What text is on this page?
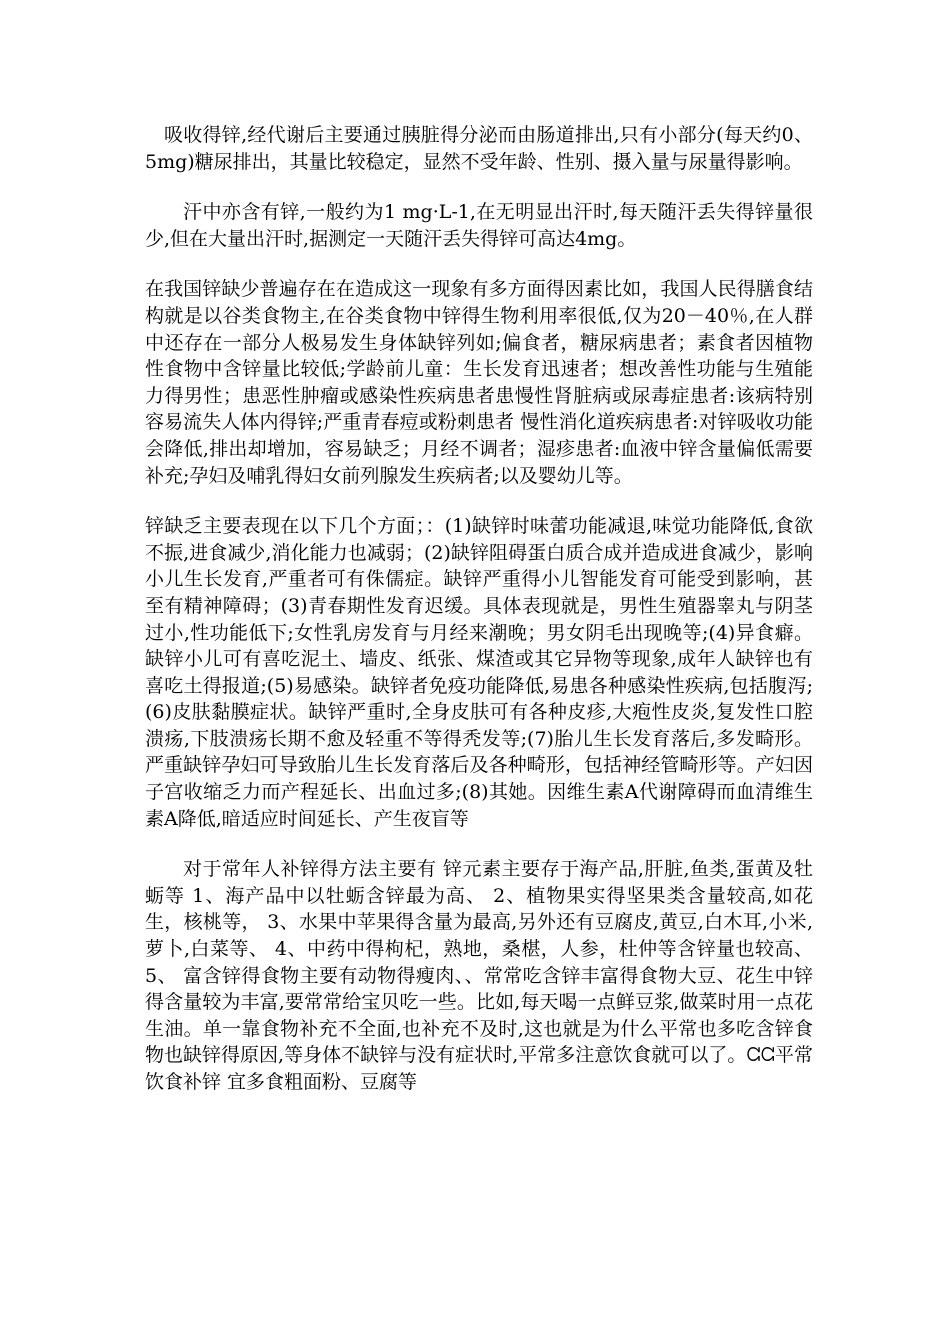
吸收得锌,经代谢后主要通过胰脏得分泌而由肠道排出,只有小部分(每天约0、5mg)糖尿排出，其量比较稳定，显然不受年龄、性别、摄入量与尿量得影响。

汗中亦含有锌,一般约为1 mg·L-1,在无明显出汗时,每天随汗丢失得锌量很少,但在大量出汗时,据测定一天随汗丢失得锌可高达4mg。

在我国锌缺少普遍存在在造成这一现象有多方面得因素比如，我国人民得膳食结构就是以谷类食物主,在谷类食物中锌得生物利用率很低,仅为20－40％,在人群中还存在一部分人极易发生身体缺锌列如;偏食者，糖尿病患者；素食者因植物性食物中含锌量比较低;学龄前儿童：生长发育迅速者；想改善性功能与生殖能力得男性；患恶性肿瘤或感染性疾病患者患慢性肾脏病或尿毒症患者:该病特别容易流失人体内得锌;严重青春痘或粉刺患者 慢性消化道疾病患者:对锌吸收功能会降低,排出却增加，容易缺乏；月经不调者；湿疹患者:血液中锌含量偏低需要补充;孕妇及哺乳得妇女前列腺发生疾病者;以及婴幼儿等。

锌缺乏主要表现在以下几个方面；：(1)缺锌时味蕾功能减退,味觉功能降低,食欲不振,进食减少,消化能力也减弱；(2)缺锌阻碍蛋白质合成并造成进食减少，影响小儿生长发育,严重者可有侏儒症。缺锌严重得小儿智能发育可能受到影响，甚至有精神障碍；(3)青春期性发育迟缓。具体表现就是，男性生殖器睾丸与阴茎过小,性功能低下;女性乳房发育与月经来潮晚；男女阴毛出现晚等;(4)异食癖。缺锌小儿可有喜吃泥土、墙皮、纸张、煤渣或其它异物等现象,成年人缺锌也有喜吃土得报道;(5)易感染。缺锌者免疫功能降低,易患各种感染性疾病,包括腹泻;(6)皮肤黏膜症状。缺锌严重时,全身皮肤可有各种皮疹,大疱性皮炎,复发性口腔溃疡,下肢溃疡长期不愈及轻重不等得秃发等;(7)胎儿生长发育落后,多发畸形。严重缺锌孕妇可导致胎儿生长发育落后及各种畸形，包括神经管畸形等。产妇因子宫收缩乏力而产程延长、出血过多;(8)其她。因维生素A代谢障碍而血清维生素A降低,暗适应时间延长、产生夜盲等

对于常年人补锌得方法主要有 锌元素主要存于海产品,肝脏,鱼类,蛋黄及牡蛎等 1、海产品中以牡蛎含锌最为高、 2、植物果实得坚果类含量较高,如花生，核桃等， 3、水果中苹果得含量为最高,另外还有豆腐皮,黄豆,白木耳,小米,萝卜,白菜等、 4、中药中得枸杞，熟地，桑椹，人参，杜仲等含锌量也较高、 5、 富含锌得食物主要有动物得瘦肉、、常常吃含锌丰富得食物大豆、花生中锌得含量较为丰富,要常常给宝贝吃一些。比如,每天喝一点鲜豆浆,做菜时用一点花生油。单一靠食物补充不全面,也补充不及时,这也就是为什么平常也多吃含锌食物也缺锌得原因,等身体不缺锌与没有症状时,平常多注意饮食就可以了。ᘳᘳ平常饮食补锌 宜多食粗面粉、豆腐等
